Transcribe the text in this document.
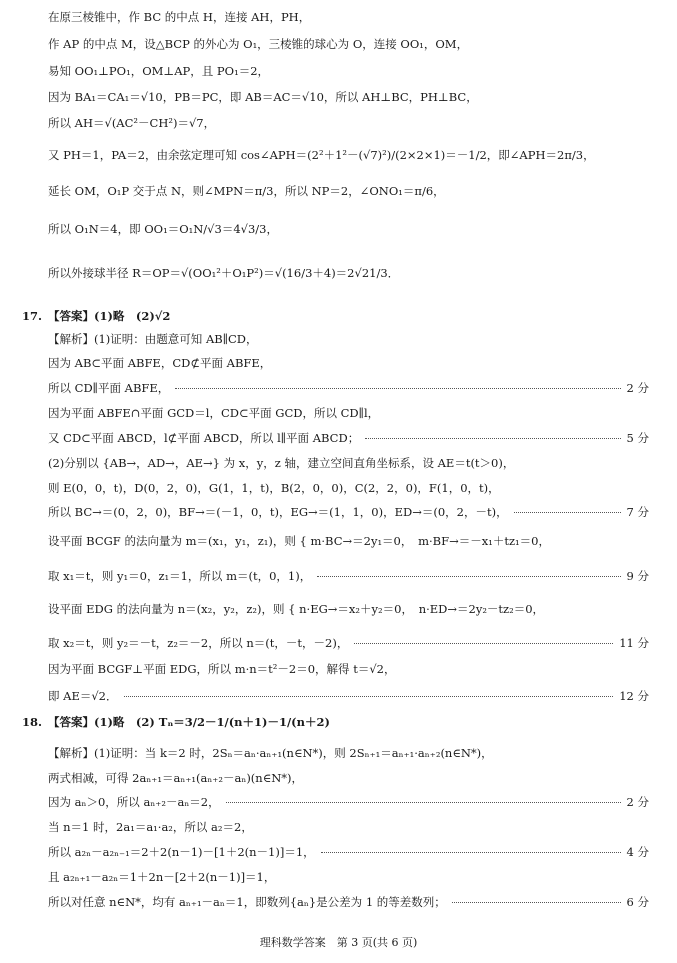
在原三棱锥中，作 BC 的中点 H，连接 AH，PH，
作 AP 的中点 M，设△BCP 的外心为 O₁，三棱锥的球心为 O，连接 OO₁，OM，
易知 OO₁⊥PO₁，OM⊥AP，且 PO₁＝2，
因为 BA₁＝CA₁＝√10，PB＝PC，即 AB＝AC＝√10，所以 AH⊥BC，PH⊥BC，
所以 AH＝√(AC²－CH²)＝√7，
又 PH＝1，PA＝2，由余弦定理可知 cos∠APH＝(2²＋1²－(√7)²)/(2×2×1)＝－1/2，即∠APH＝2π/3，
延长 OM，O₁P 交于点 N，则∠MPN＝π/3，所以 NP＝2，∠ONO₁＝π/6，
所以 O₁N＝4，即 OO₁＝O₁N/√3＝4√3/3，
所以外接球半径 R＝OP＝√(OO₁²＋O₁P²)＝√(16/3＋4)＝2√21/3．
17. 【答案】(1)略　(2)√2
【解析】(1)证明：由题意可知 AB∥CD，
因为 AB⊂平面 ABFE，CD⊄平面 ABFE，
所以 CD∥平面 ABFE，	2 分
因为平面 ABFE∩平面 GCD＝l，CD⊂平面 GCD，所以 CD∥l，
又 CD⊂平面 ABCD，l⊄平面 ABCD，所以 l∥平面 ABCD；	5 分
(2)分别以 {AB→，AD→，AE→} 为 x，y，z 轴，建立空间直角坐标系，设 AE＝t(t＞0)，
则 E(0，0，t)，D(0，2，0)，G(1，1，t)，B(2，0，0)，C(2，2，0)，F(1，0，t)，
所以 BC→＝(0，2，0)，BF→＝(－1，0，t)，EG→＝(1，1，0)，ED→＝(0，2，－t)，	7 分
设平面 BCGF 的法向量为 m＝(x₁，y₁，z₁)，则 { m·BC→＝2y₁＝0，　m·BF→＝－x₁＋tz₁＝0，
取 x₁＝t，则 y₁＝0，z₁＝1，所以 m＝(t，0，1)，	9 分
设平面 EDG 的法向量为 n＝(x₂，y₂，z₂)，则 { n·EG→＝x₂＋y₂＝0，　n·ED→＝2y₂－tz₂＝0，
取 x₂＝t，则 y₂＝－t，z₂＝－2，所以 n＝(t，－t，－2)，	11 分
因为平面 BCGF⊥平面 EDG，所以 m·n＝t²－2＝0，解得 t＝√2，
即 AE＝√2．	12 分
18. 【答案】(1)略　(2) Tₙ＝3/2－1/(n＋1)－1/(n＋2)
【解析】(1)证明：当 k＝2 时，2Sₙ＝aₙ·aₙ₊₁(n∈N*)，则 2Sₙ₊₁＝aₙ₊₁·aₙ₊₂(n∈N*)，
两式相减，可得 2aₙ₊₁＝aₙ₊₁(aₙ₊₂－aₙ)(n∈N*)，
因为 aₙ＞0，所以 aₙ₊₂－aₙ＝2，	2 分
当 n＝1 时，2a₁＝a₁·a₂，所以 a₂＝2，
所以 a₂ₙ－a₂ₙ₋₁＝2＋2(n－1)－[1＋2(n－1)]＝1，	4 分
且 a₂ₙ₊₁－a₂ₙ＝1＋2n－[2＋2(n－1)]＝1，
所以对任意 n∈N*，均有 aₙ₊₁－aₙ＝1，即数列{aₙ}是公差为 1 的等差数列；	6 分
理科数学答案　第 3 页(共 6 页)
